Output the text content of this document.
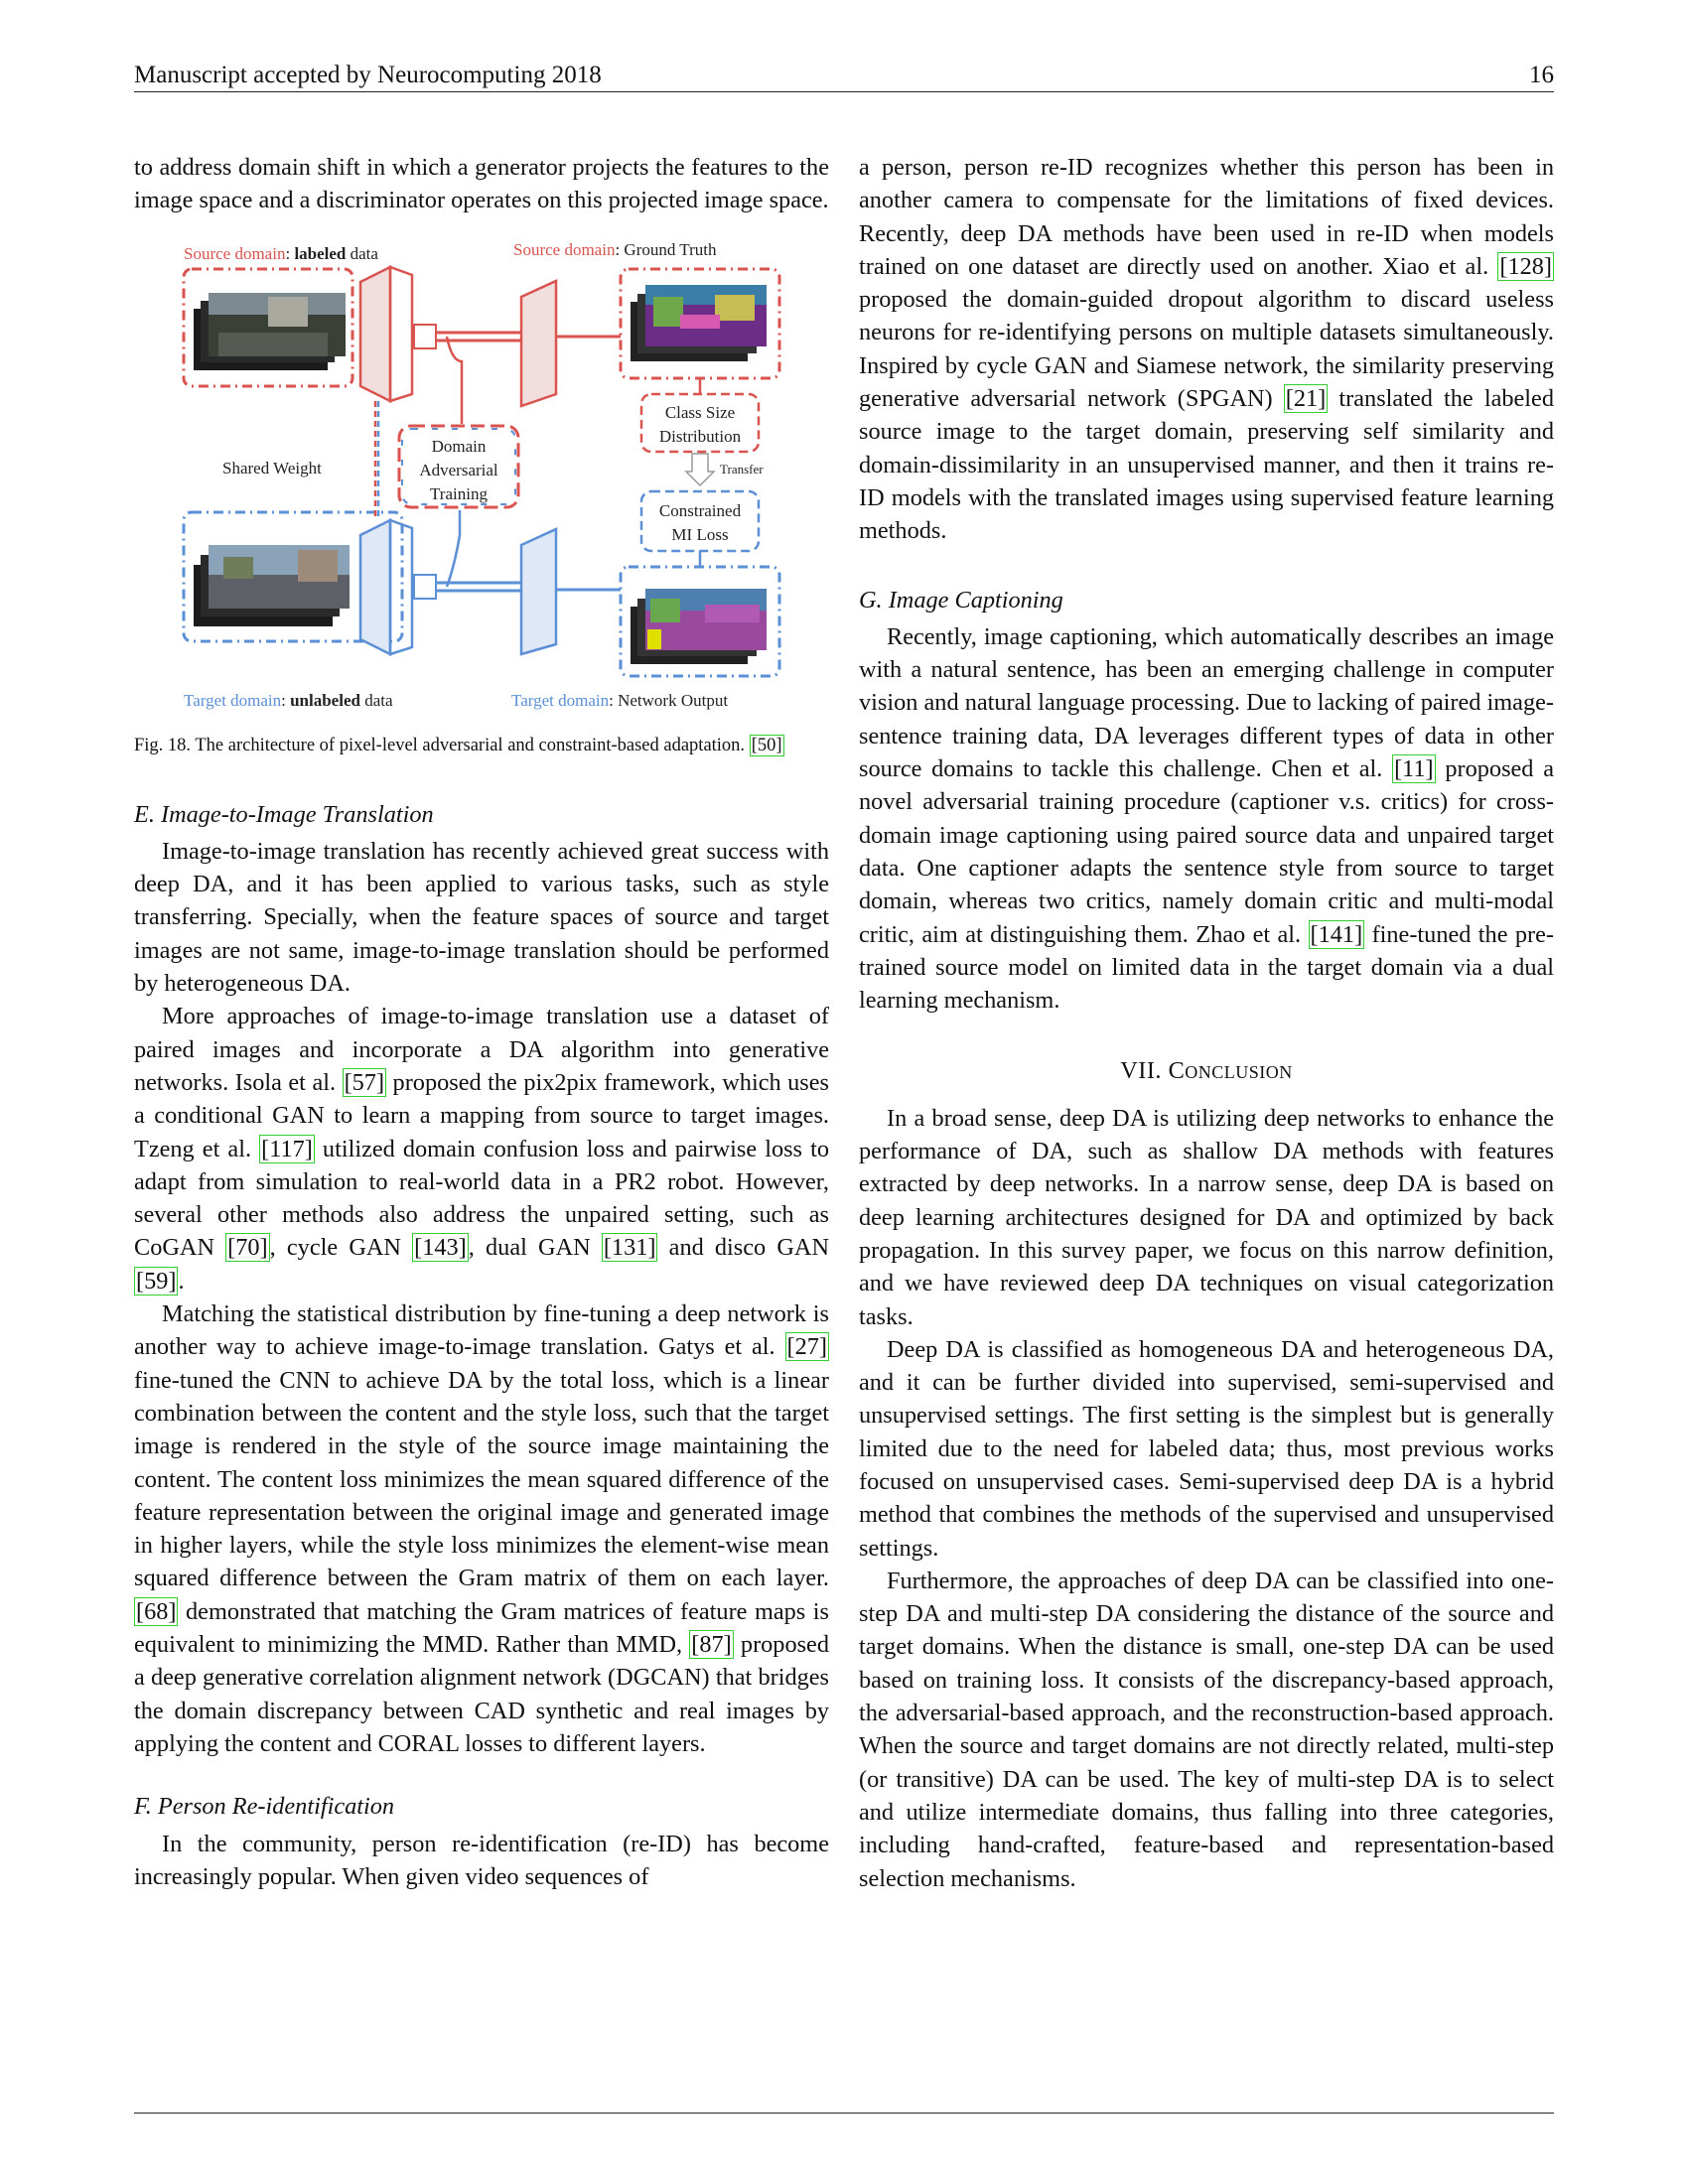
Manuscript accepted by Neurocomputing 2018	16

to address domain shift in which a generator projects the features to the image space and a discriminator operates on this projected image space.

Domain
Adversarial
Training
Shared Weight
Class Size
Distribution
Transfer
Constrained
MI Loss
Source domain: labeled data	Source domain: Ground Truth
Target domain: unlabeled data	Target domain: Network Output

Fig. 18. The architecture of pixel-level adversarial and constraint-based adaptation. [50]

E. Image-to-Image Translation

Image-to-image translation has recently achieved great success with deep DA, and it has been applied to various tasks, such as style transferring. Specially, when the feature spaces of source and target images are not same, image-to-image translation should be performed by heterogeneous DA.

More approaches of image-to-image translation use a dataset of paired images and incorporate a DA algorithm into generative networks. Isola et al. [57] proposed the pix2pix framework, which uses a conditional GAN to learn a mapping from source to target images. Tzeng et al. [117] utilized domain confusion loss and pairwise loss to adapt from simulation to real-world data in a PR2 robot. However, several other methods also address the unpaired setting, such as CoGAN [70], cycle GAN [143], dual GAN [131] and disco GAN [59].

Matching the statistical distribution by fine-tuning a deep network is another way to achieve image-to-image translation. Gatys et al. [27] fine-tuned the CNN to achieve DA by the total loss, which is a linear combination between the content and the style loss, such that the target image is rendered in the style of the source image maintaining the content. The content loss minimizes the mean squared difference of the feature representation between the original image and generated image in higher layers, while the style loss minimizes the element-wise mean squared difference between the Gram matrix of them on each layer. [68] demonstrated that matching the Gram matrices of feature maps is equivalent to minimizing the MMD. Rather than MMD, [87] proposed a deep generative correlation alignment network (DGCAN) that bridges the domain discrepancy between CAD synthetic and real images by applying the content and CORAL losses to different layers.

F. Person Re-identification

In the community, person re-identification (re-ID) has become increasingly popular. When given video sequences of

a person, person re-ID recognizes whether this person has been in another camera to compensate for the limitations of fixed devices. Recently, deep DA methods have been used in re-ID when models trained on one dataset are directly used on another. Xiao et al. [128] proposed the domain-guided dropout algorithm to discard useless neurons for re-identifying persons on multiple datasets simultaneously. Inspired by cycle GAN and Siamese network, the similarity preserving generative adversarial network (SPGAN) [21] translated the labeled source image to the target domain, preserving self similarity and domain-dissimilarity in an unsupervised manner, and then it trains re-ID models with the translated images using supervised feature learning methods.

G. Image Captioning

Recently, image captioning, which automatically describes an image with a natural sentence, has been an emerging challenge in computer vision and natural language processing. Due to lacking of paired image-sentence training data, DA leverages different types of data in other source domains to tackle this challenge. Chen et al. [11] proposed a novel adversarial training procedure (captioner v.s. critics) for cross-domain image captioning using paired source data and unpaired target data. One captioner adapts the sentence style from source to target domain, whereas two critics, namely domain critic and multi-modal critic, aim at distinguishing them. Zhao et al. [141] fine-tuned the pre-trained source model on limited data in the target domain via a dual learning mechanism.

VII. CONCLUSION

In a broad sense, deep DA is utilizing deep networks to enhance the performance of DA, such as shallow DA methods with features extracted by deep networks. In a narrow sense, deep DA is based on deep learning architectures designed for DA and optimized by back propagation. In this survey paper, we focus on this narrow definition, and we have reviewed deep DA techniques on visual categorization tasks.

Deep DA is classified as homogeneous DA and heterogeneous DA, and it can be further divided into supervised, semi-supervised and unsupervised settings. The first setting is the simplest but is generally limited due to the need for labeled data; thus, most previous works focused on unsupervised cases. Semi-supervised deep DA is a hybrid method that combines the methods of the supervised and unsupervised settings.

Furthermore, the approaches of deep DA can be classified into one-step DA and multi-step DA considering the distance of the source and target domains. When the distance is small, one-step DA can be used based on training loss. It consists of the discrepancy-based approach, the adversarial-based approach, and the reconstruction-based approach. When the source and target domains are not directly related, multi-step (or transitive) DA can be used. The key of multi-step DA is to select and utilize intermediate domains, thus falling into three categories, including hand-crafted, feature-based and representation-based selection mechanisms.
